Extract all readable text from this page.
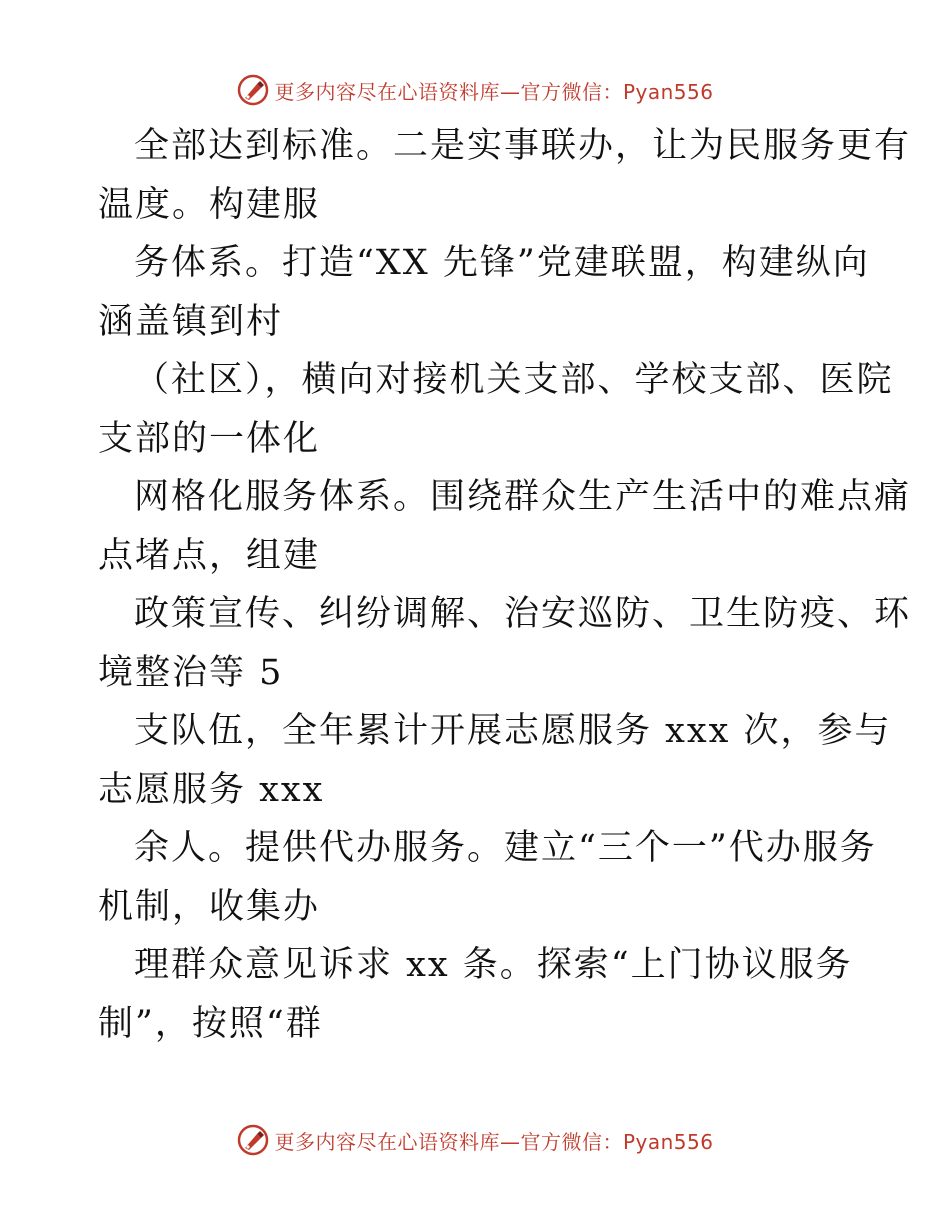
更多内容尽在心语资料库—官方微信：Pyan556
全部达到标准。二是实事联办，让为民服务更有
温度。构建服
务体系。打造“XX 先锋”党建联盟，构建纵向
涵盖镇到村
（社区），横向对接机关支部、学校支部、医院
支部的一体化
网格化服务体系。围绕群众生产生活中的难点痛
点堵点，组建
政策宣传、纠纷调解、治安巡防、卫生防疫、环
境整治等 5
支队伍，全年累计开展志愿服务 xxx 次，参与
志愿服务 xxx
余人。提供代办服务。建立“三个一”代办服务
机制，收集办
理群众意见诉求 xx 条。探索“上门协议服务
制”，按照“群
更多内容尽在心语资料库—官方微信：Pyan556
